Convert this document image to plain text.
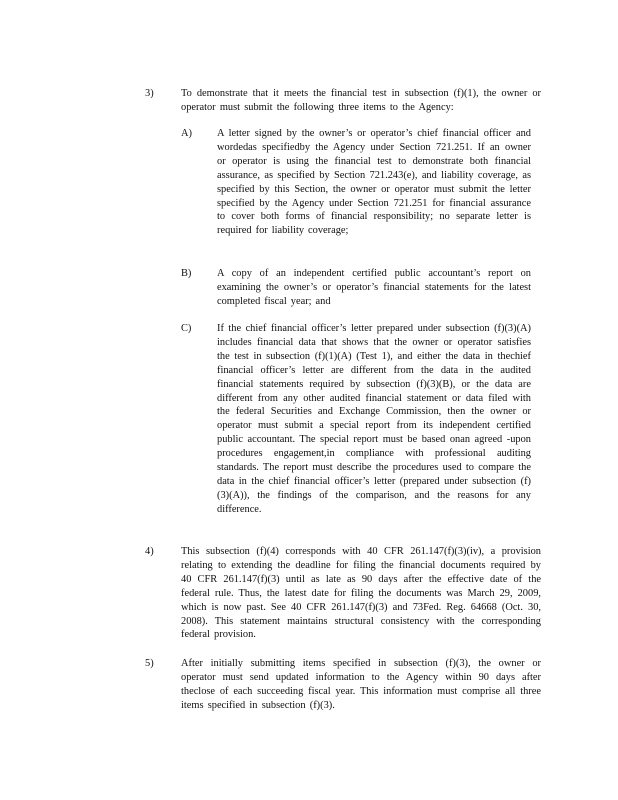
3)	To demonstrate that it meets the financial test in subsection (f)(1), the owner or operator must submit the following three items to the Agency:
A) A letter signed by the owner’s or operator’s chief financial officer and wordedas specifiedby the Agency under Section 721.251. If an owner or operator is using the financial test to demonstrate both financial assurance, as specified by Section 721.243(e), and liability coverage, as specified by this Section, the owner or operator must submit the letter specified by the Agency under Section 721.251 for financial assurance to cover both forms of financial responsibility; no separate letter is required for liability coverage;
B) A copy of an independent certified public accountant’s report on examining the owner’s or operator’s financial statements for the latest completed fiscal year; and
C) If the chief financial officer’s letter prepared under subsection (f)(3)(A) includes financial data that shows that the owner or operator satisfies the test in subsection (f)(1)(A) (Test 1), and either the data in thechief financial officer’s letter are different from the data in the audited financial statements required by subsection (f)(3)(B), or the data are different from any other audited financial statement or data filed with the federal Securities and Exchange Commission, then the owner or operator must submit a special report from its independent certified public accountant. The special report must be based onan agreed -upon procedures engagement,in compliance with professional auditing standards. The report must describe the procedures used to compare the data in the chief financial officer’s letter (prepared under subsection (f)(3)(A)), the findings of the comparison, and the reasons for any difference.
4)	This subsection (f)(4) corresponds with 40 CFR 261.147(f)(3)(iv), a provision relating to extending the deadline for filing the financial documents required by 40 CFR 261.147(f)(3) until as late as 90 days after the effective date of the federal rule. Thus, the latest date for filing the documents was March 29, 2009, which is now past. See 40 CFR 261.147(f)(3) and 73Fed. Reg. 64668 (Oct. 30, 2008). This statement maintains structural consistency with the corresponding federal provision.
5)	After initially submitting items specified in subsection (f)(3), the owner or operator must send updated information to the Agency within 90 days after theclose of each succeeding fiscal year. This information must comprise all three items specified in subsection (f)(3).
